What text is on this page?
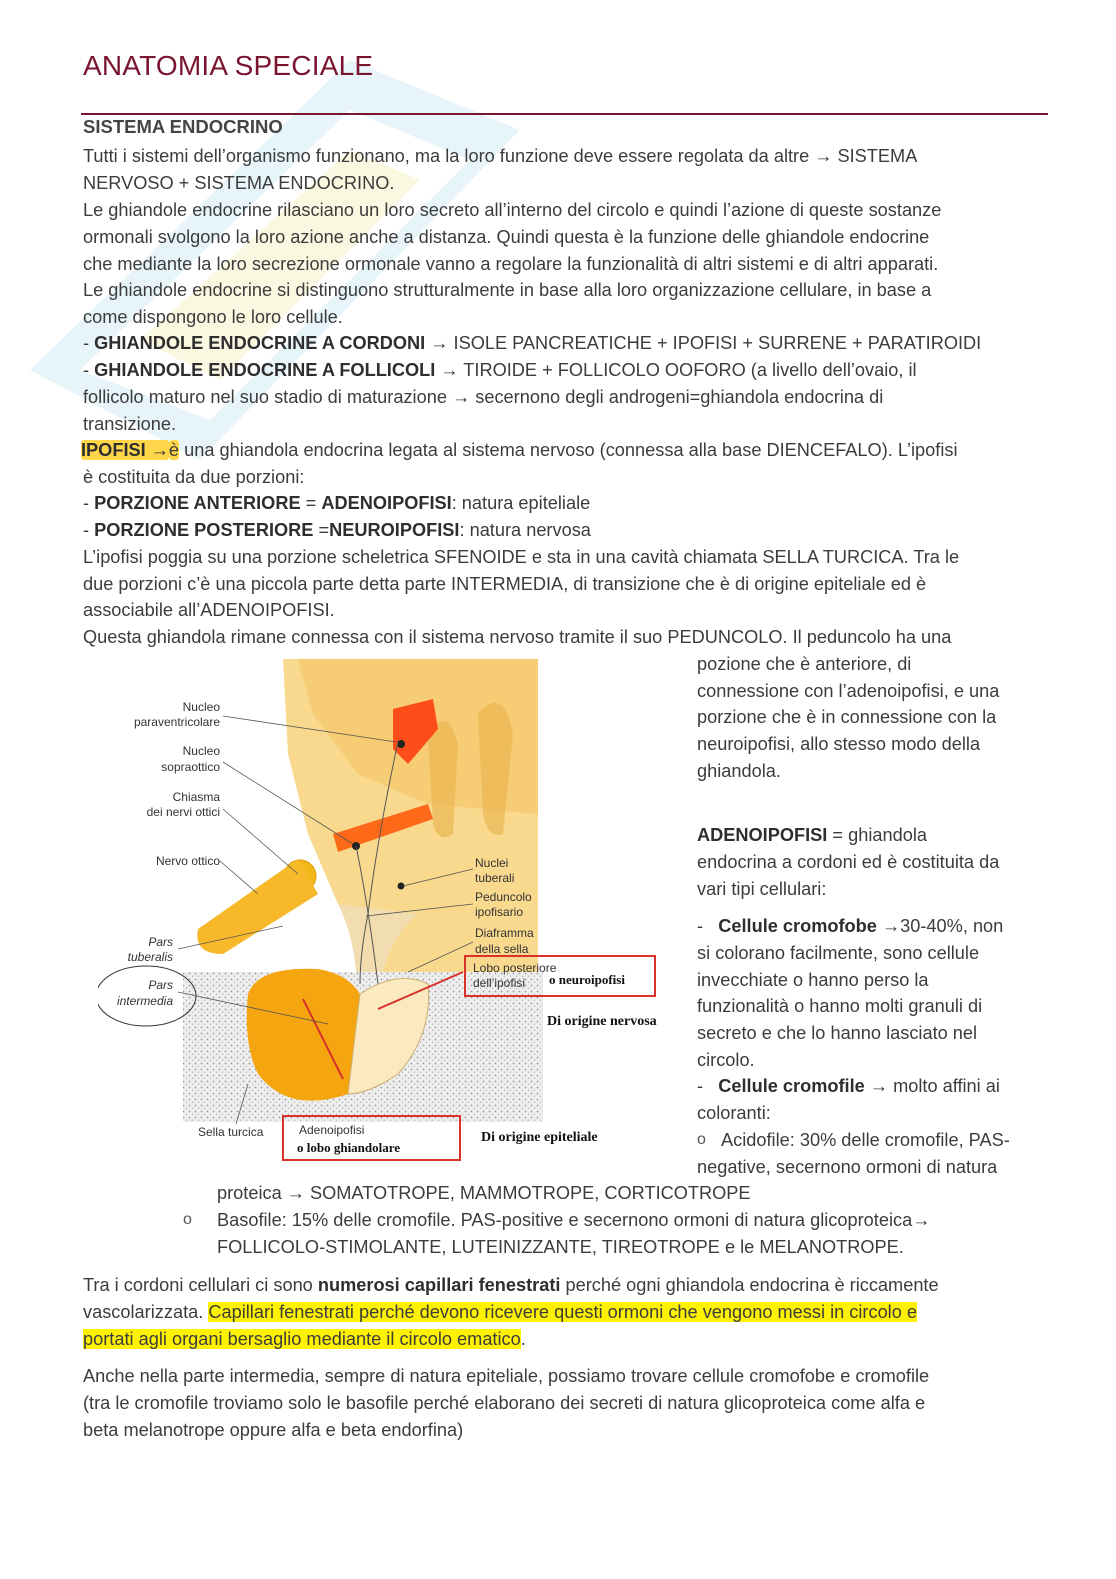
ANATOMIA SPECIALE
SISTEMA ENDOCRINO
Tutti i sistemi dell’organismo funzionano, ma la loro funzione deve essere regolata da altre → SISTEMA
NERVOSO + SISTEMA ENDOCRINO.
Le ghiandole endocrine rilasciano un loro secreto all’interno del circolo e quindi l’azione di queste sostanze
ormonali svolgono la loro azione anche a distanza. Quindi questa è la funzione delle ghiandole endocrine
che mediante la loro secrezione ormonale vanno a regolare la funzionalità di altri sistemi e di altri apparati.
Le ghiandole endocrine si distinguono strutturalmente in base alla loro organizzazione cellulare, in base a
come dispongono le loro cellule.
- GHIANDOLE ENDOCRINE A CORDONI → ISOLE PANCREATICHE + IPOFISI + SURRENE + PARATIROIDI
- GHIANDOLE ENDOCRINE A FOLLICOLI → TIROIDE + FOLLICOLO OOFORO (a livello dell’ovaio, il
follicolo maturo nel suo stadio di maturazione → secernono degli androgeni=ghiandola endocrina di
transizione.
IPOFISI →è una ghiandola endocrina legata al sistema nervoso (connessa alla base DIENCEFALO). L’ipofisi
è costituita da due porzioni:
- PORZIONE ANTERIORE = ADENOIPOFISI: natura epiteliale
- PORZIONE POSTERIORE =NEUROIPOFISI: natura nervosa
L’ipofisi poggia su una porzione scheletrica SFENOIDE e sta in una cavità chiamata SELLA TURCICA. Tra le
due porzioni c’è una piccola parte detta parte INTERMEDIA, di transizione che è di origine epiteliale ed è
associabile all’ADENOIPOFISI.
Questa ghiandola rimane connessa con il sistema nervoso tramite il suo PEDUNCOLO. Il peduncolo ha una
pozione che è anteriore, di
connessione con l’adenoipofisi, e una
porzione che è in connessione con la
neuroipofisi, allo stesso modo della
ghiandola.
ADENOIPOFISI = ghiandola
endocrina a cordoni ed è costituita da
vari tipi cellulari:
- Cellule cromofobe →30-40%, non
si colorano facilmente, sono cellule
invecchiate o hanno perso la
funzionalità o hanno molti granuli di
secreto e che lo hanno lasciato nel
circolo.
- Cellule cromofile → molto affini ai
coloranti:
o Acidofile: 30% delle cromofile, PAS-
negative, secernono ormoni di natura
proteica → SOMATOTROPE, MAMMOTROPE, CORTICOTROPE
o Basofile: 15% delle cromofile. PAS-positive e secernono ormoni di natura glicoproteica→
FOLLICOLO-STIMOLANTE, LUTEINIZZANTE, TIREOTROPE e le MELANOTROPE.
Tra i cordoni cellulari ci sono numerosi capillari fenestrati perché ogni ghiandola endocrina è riccamente
vascolarizzata. Capillari fenestrati perché devono ricevere questi ormoni che vengono messi in circolo e
portati agli organi bersaglio mediante il circolo ematico.
Anche nella parte intermedia, sempre di natura epiteliale, possiamo trovare cellule cromofobe e cromofile
(tra le cromofile troviamo solo le basofile perché elaborano dei secreti di natura glicoproteica come alfa e
beta melanotrope oppure alfa e beta endorfina)
Nucleo
paraventricolare
Nucleo
sopraottico
Chiasma
dei nervi ottici
Nervo ottico
Pars
tuberalis
Pars
intermedia
Sella turcica
Nuclei
tuberali
Peduncolo
ipofisario
Diaframma
della sella
Lobo posteriore
dell’ipofisi o neuroipofisi
Di origine nervosa
Adenoipofisi
o lobo ghiandolare
Di origine epiteliale
